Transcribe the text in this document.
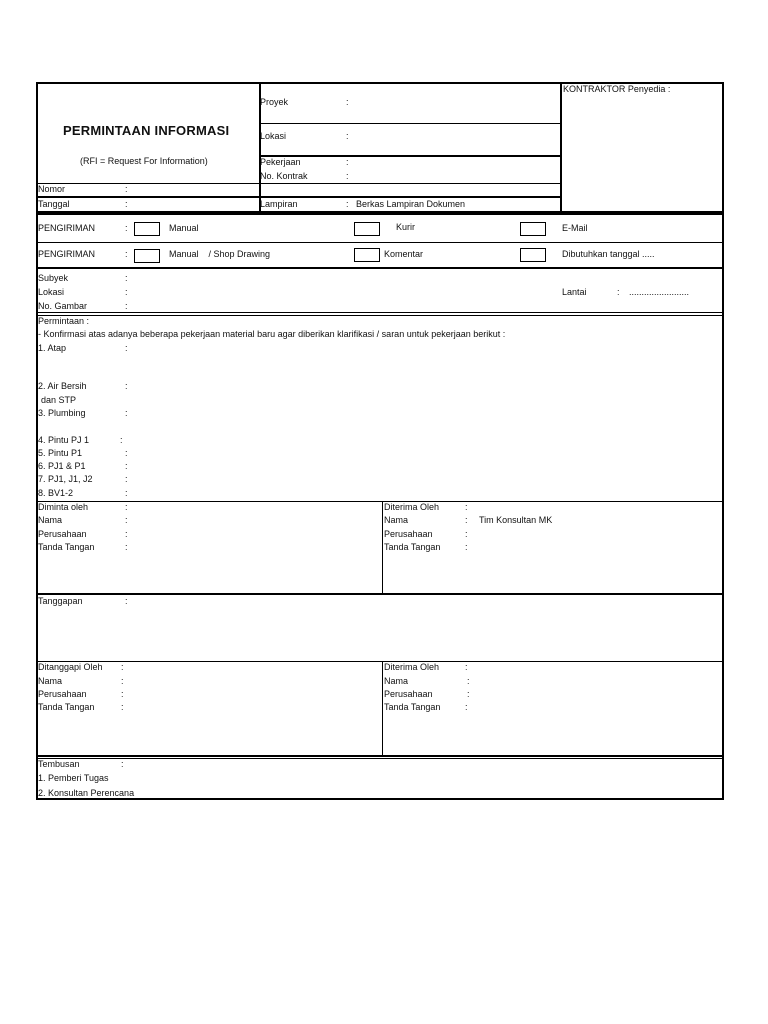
PERMINTAAN INFORMASI
(RFI = Request For Information)
Proyek	:
Lokasi	:
Pekerjaan	:
No. Kontrak	:
KONTRAKTOR Penyedia :
Nomor	:
Tanggal	:	Lampiran	: Berkas Lampiran Dokumen
PENGIRIMAN	:	Manual	Kurir	E-Mail
PENGIRIMAN	:	Manual    / Shop Drawing	Komentar	Dibutuhkan tanggal .....
Subyek	:
Lokasi	:
No. Gambar	:
Lantai	: ........................
Permintaan :
- Konfirmasi atas adanya beberapa pekerjaan material baru agar diberikan klarifikasi / saran untuk pekerjaan berikut :
1. Atap	:
2. Air Bersih	:
dan STP
3. Plumbing	:
4. Pintu PJ 1	:
5. Pintu P1	:
6. PJ1 & P1	:
7. PJ1, J1, J2	:
8. BV1-2	:
Diminta oleh	:
Nama	:
Perusahaan	:
Tanda Tangan	:
Diterima Oleh	:
Nama	: Tim Konsultan MK
Perusahaan	:
Tanda Tangan	:
Tanggapan	:
Ditanggapi Oleh :
Nama	:
Perusahaan	:
Tanda Tangan	:
Diterima Oleh	:
Nama	:
Perusahaan	:
Tanda Tangan	:
Tembusan	:
1. Pemberi Tugas
2. Konsultan Perencana
